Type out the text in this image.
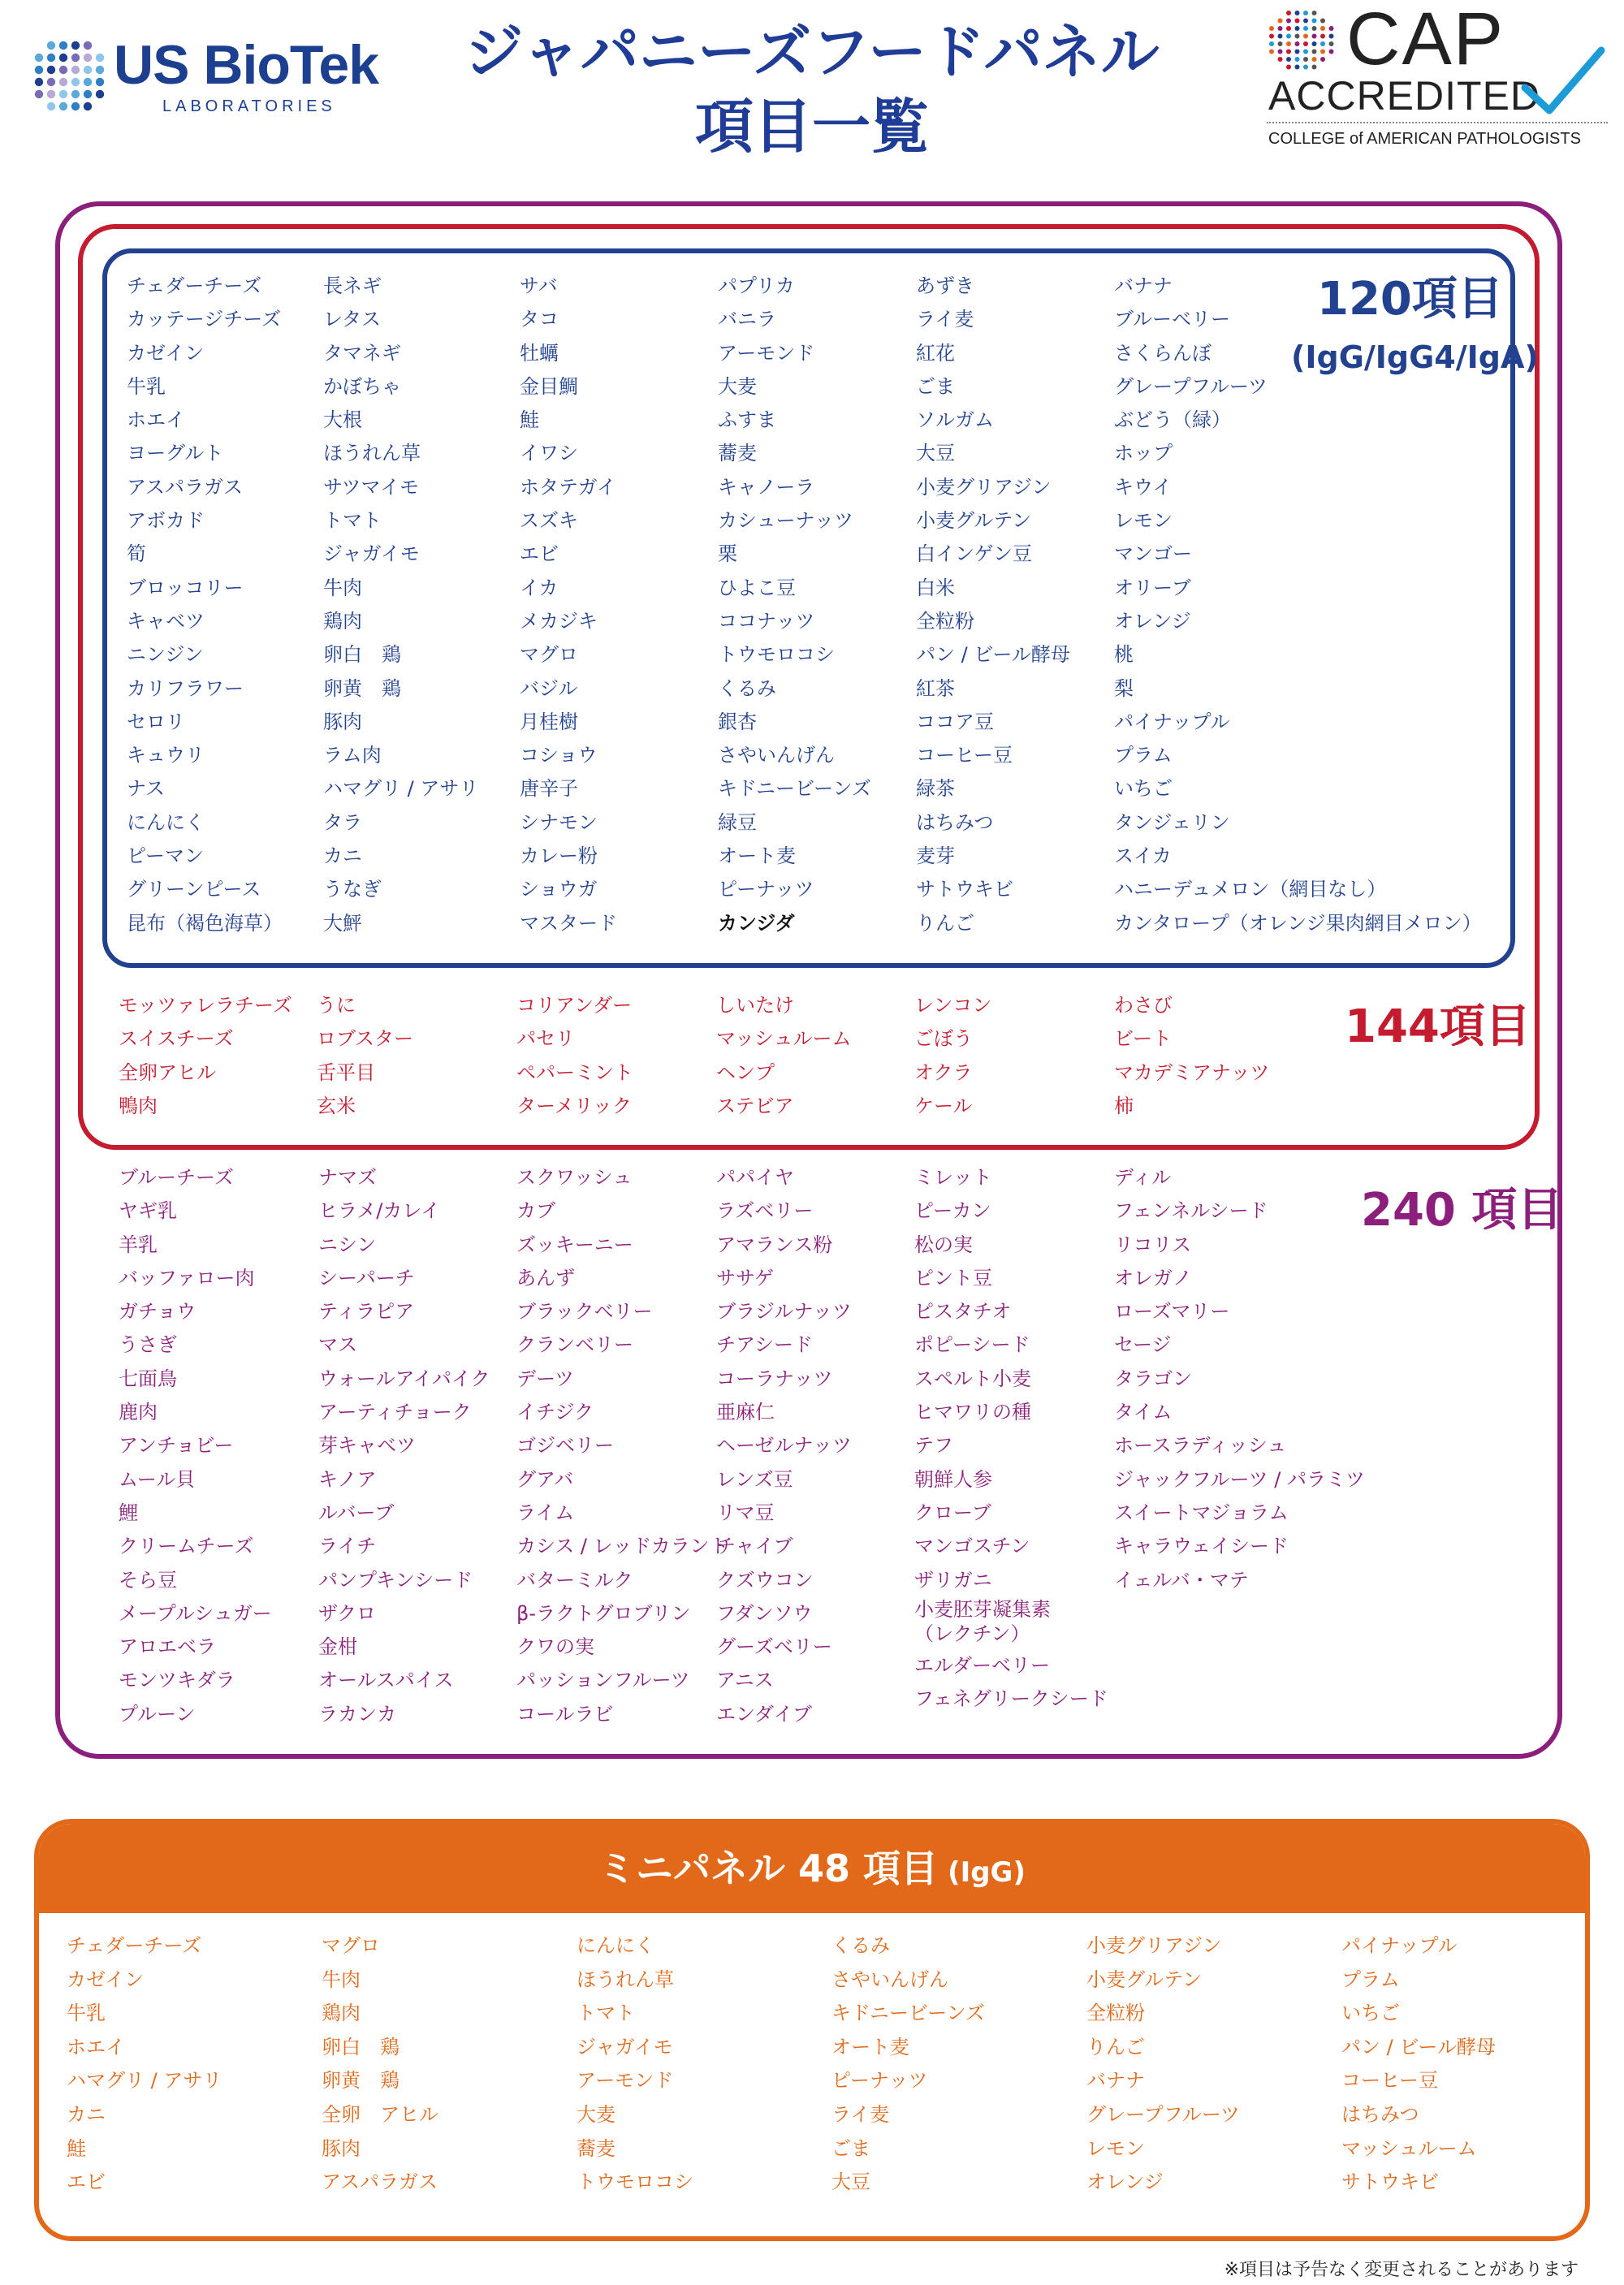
US BioTek
LABORATORIES
ジャパニーズフードパネル
項目一覧
CAP
ACCREDITED
COLLEGE of AMERICAN PATHOLOGISTS
120項目
(IgG/IgG4/IgA)
144項目
240 項目
チェダーチーズ
カッテージチーズ
カゼイン
牛乳
ホエイ
ヨーグルト
アスパラガス
アボカド
筍
ブロッコリー
キャベツ
ニンジン
カリフラワー
セロリ
キュウリ
ナス
にんにく
ピーマン
グリーンピース
昆布（褐色海草）
長ネギ
レタス
タマネギ
かぼちゃ
大根
ほうれん草
サツマイモ
トマト
ジャガイモ
牛肉
鶏肉
卵白　鶏
卵黄　鶏
豚肉
ラム肉
ハマグリ / アサリ
タラ
カニ
うなぎ
大鮃
サバ
タコ
牡蠣
金目鯛
鮭
イワシ
ホタテガイ
スズキ
エビ
イカ
メカジキ
マグロ
バジル
月桂樹
コショウ
唐辛子
シナモン
カレー粉
ショウガ
マスタード
パプリカ
バニラ
アーモンド
大麦
ふすま
蕎麦
キャノーラ
カシューナッツ
栗
ひよこ豆
ココナッツ
トウモロコシ
くるみ
銀杏
さやいんげん
キドニービーンズ
緑豆
オート麦
ピーナッツ
カンジダ
あずき
ライ麦
紅花
ごま
ソルガム
大豆
小麦グリアジン
小麦グルテン
白インゲン豆
白米
全粒粉
パン / ビール酵母
紅茶
ココア豆
コーヒー豆
緑茶
はちみつ
麦芽
サトウキビ
りんご
バナナ
ブルーベリー
さくらんぼ
グレープフルーツ
ぶどう（緑）
ホップ
キウイ
レモン
マンゴー
オリーブ
オレンジ
桃
梨
パイナップル
プラム
いちご
タンジェリン
スイカ
ハニーデュメロン（網目なし）
カンタロープ（オレンジ果肉網目メロン）
モッツァレラチーズ
スイスチーズ
全卵アヒル
鴨肉
うに
ロブスター
舌平目
玄米
コリアンダー
パセリ
ペパーミント
ターメリック
しいたけ
マッシュルーム
ヘンプ
ステビア
レンコン
ごぼう
オクラ
ケール
わさび
ビート
マカデミアナッツ
柿
ブルーチーズ
ヤギ乳
羊乳
バッファロー肉
ガチョウ
うさぎ
七面鳥
鹿肉
アンチョビー
ムール貝
鯉
クリームチーズ
そら豆
メープルシュガー
アロエベラ
モンツキダラ
プルーン
ナマズ
ヒラメ/カレイ
ニシン
シーパーチ
ティラピア
マス
ウォールアイパイク
アーティチョーク
芽キャベツ
キノア
ルバーブ
ライチ
パンプキンシード
ザクロ
金柑
オールスパイス
ラカンカ
スクワッシュ
カブ
ズッキーニー
あんず
ブラックベリー
クランベリー
デーツ
イチジク
ゴジベリー
グアバ
ライム
カシス / レッドカラント
バターミルク
β-ラクトグロブリン
クワの実
パッションフルーツ
コールラビ
パパイヤ
ラズベリー
アマランス粉
ササゲ
ブラジルナッツ
チアシード
コーラナッツ
亜麻仁
ヘーゼルナッツ
レンズ豆
リマ豆
チャイブ
クズウコン
フダンソウ
グーズベリー
アニス
エンダイブ
ミレット
ピーカン
松の実
ピント豆
ピスタチオ
ポピーシード
スペルト小麦
ヒマワリの種
テフ
朝鮮人参
クローブ
マンゴスチン
ザリガニ
小麦胚芽凝集素（レクチン）
エルダーベリー
フェネグリークシード
ディル
フェンネルシード
リコリス
オレガノ
ローズマリー
セージ
タラゴン
タイム
ホースラディッシュ
ジャックフルーツ / パラミツ
スイートマジョラム
キャラウェイシード
イェルバ・マテ
ミニパネル 48 項目 (IgG)
チェダーチーズ
カゼイン
牛乳
ホエイ
ハマグリ / アサリ
カニ
鮭
エビ
マグロ
牛肉
鶏肉
卵白　鶏
卵黄　鶏
全卵　アヒル
豚肉
アスパラガス
にんにく
ほうれん草
トマト
ジャガイモ
アーモンド
大麦
蕎麦
トウモロコシ
くるみ
さやいんげん
キドニービーンズ
オート麦
ピーナッツ
ライ麦
ごま
大豆
小麦グリアジン
小麦グルテン
全粒粉
りんご
バナナ
グレープフルーツ
レモン
オレンジ
パイナップル
プラム
いちご
パン / ビール酵母
コーヒー豆
はちみつ
マッシュルーム
サトウキビ
※項目は予告なく変更されることがあります
